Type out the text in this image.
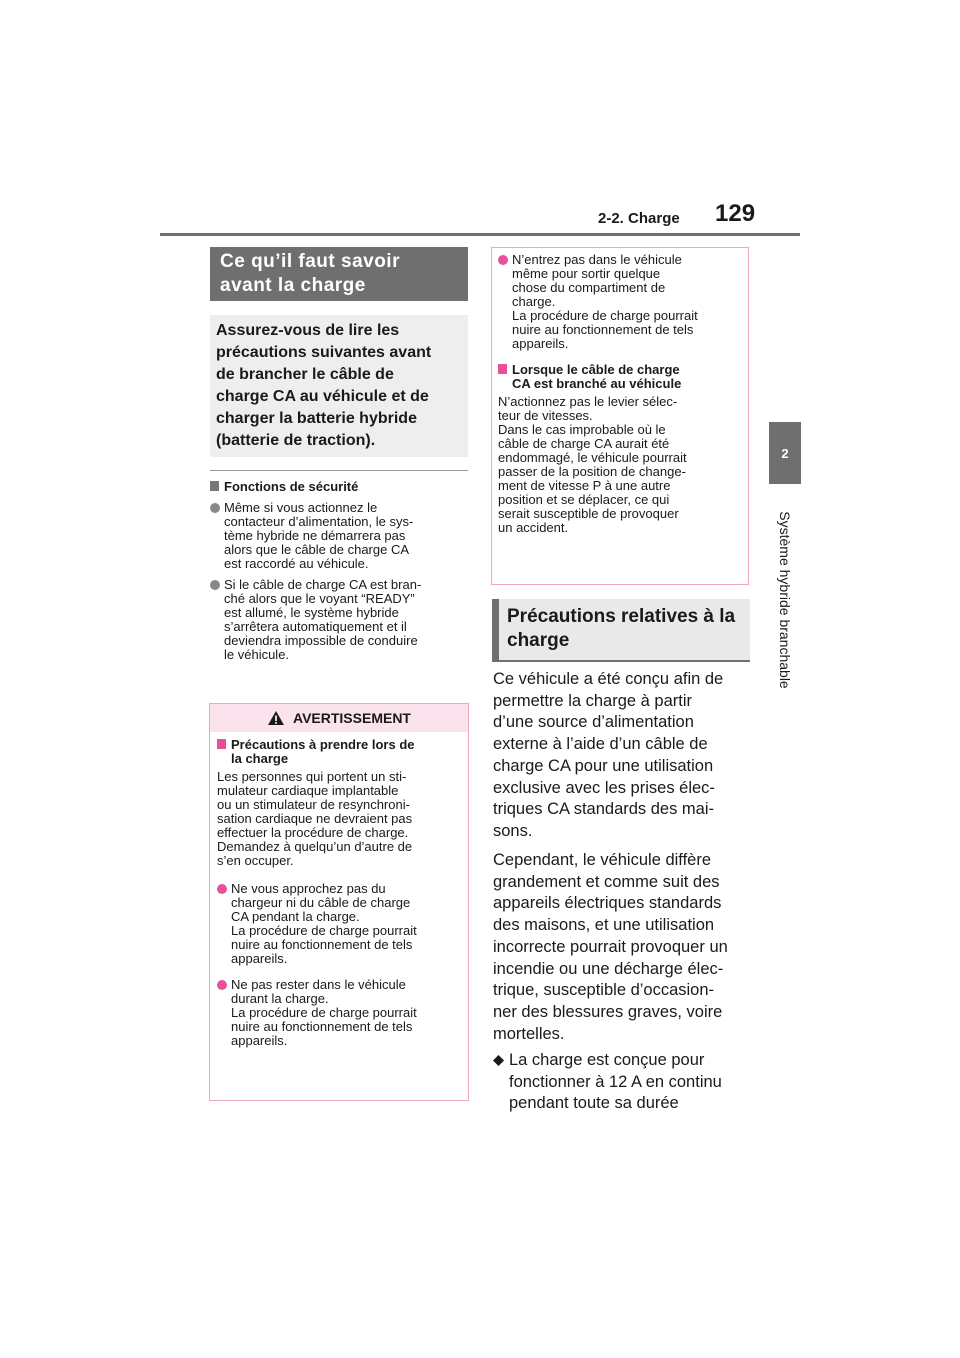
2-2. Charge 129
2
Système hybride branchable
Ce qu’il faut savoir
avant la charge
Assurez-vous de lire les
précautions suivantes avant
de brancher le câble de
charge CA au véhicule et de
charger la batterie hybride
(batterie de traction).
Fonctions de sécurité
Même si vous actionnez le
contacteur d’alimentation, le sys-
tème hybride ne démarrera pas
alors que le câble de charge CA
est raccordé au véhicule.
Si le câble de charge CA est bran-
ché alors que le voyant “READY”
est allumé, le système hybride
s’arrêtera automatiquement et il
deviendra impossible de conduire
le véhicule.
AVERTISSEMENT
Précautions à prendre lors de
la charge
Les personnes qui portent un sti-
mulateur cardiaque implantable
ou un stimulateur de resynchroni-
sation cardiaque ne devraient pas
effectuer la procédure de charge.
Demandez à quelqu’un d’autre de
s’en occuper.
Ne vous approchez pas du
chargeur ni du câble de charge
CA pendant la charge.
La procédure de charge pourrait
nuire au fonctionnement de tels
appareils.
Ne pas rester dans le véhicule
durant la charge.
La procédure de charge pourrait
nuire au fonctionnement de tels
appareils.
N’entrez pas dans le véhicule
même pour sortir quelque
chose du compartiment de
charge.
La procédure de charge pourrait
nuire au fonctionnement de tels
appareils.
Lorsque le câble de charge
CA est branché au véhicule
N’actionnez pas le levier sélec-
teur de vitesses.
Dans le cas improbable où le
câble de charge CA aurait été
endommagé, le véhicule pourrait
passer de la position de change-
ment de vitesse P à une autre
position et se déplacer, ce qui
serait susceptible de provoquer
un accident.
Précautions relatives à la
charge
Ce véhicule a été conçu afin de
permettre la charge à partir
d’une source d’alimentation
externe à l’aide d’un câble de
charge CA pour une utilisation
exclusive avec les prises élec-
triques CA standards des mai-
sons.
Cependant, le véhicule diffère
grandement et comme suit des
appareils électriques standards
des maisons, et une utilisation
incorrecte pourrait provoquer un
incendie ou une décharge élec-
trique, susceptible d’occasion-
ner des blessures graves, voire
mortelles.
La charge est conçue pour
fonctionner à 12 A en continu
pendant toute sa durée
